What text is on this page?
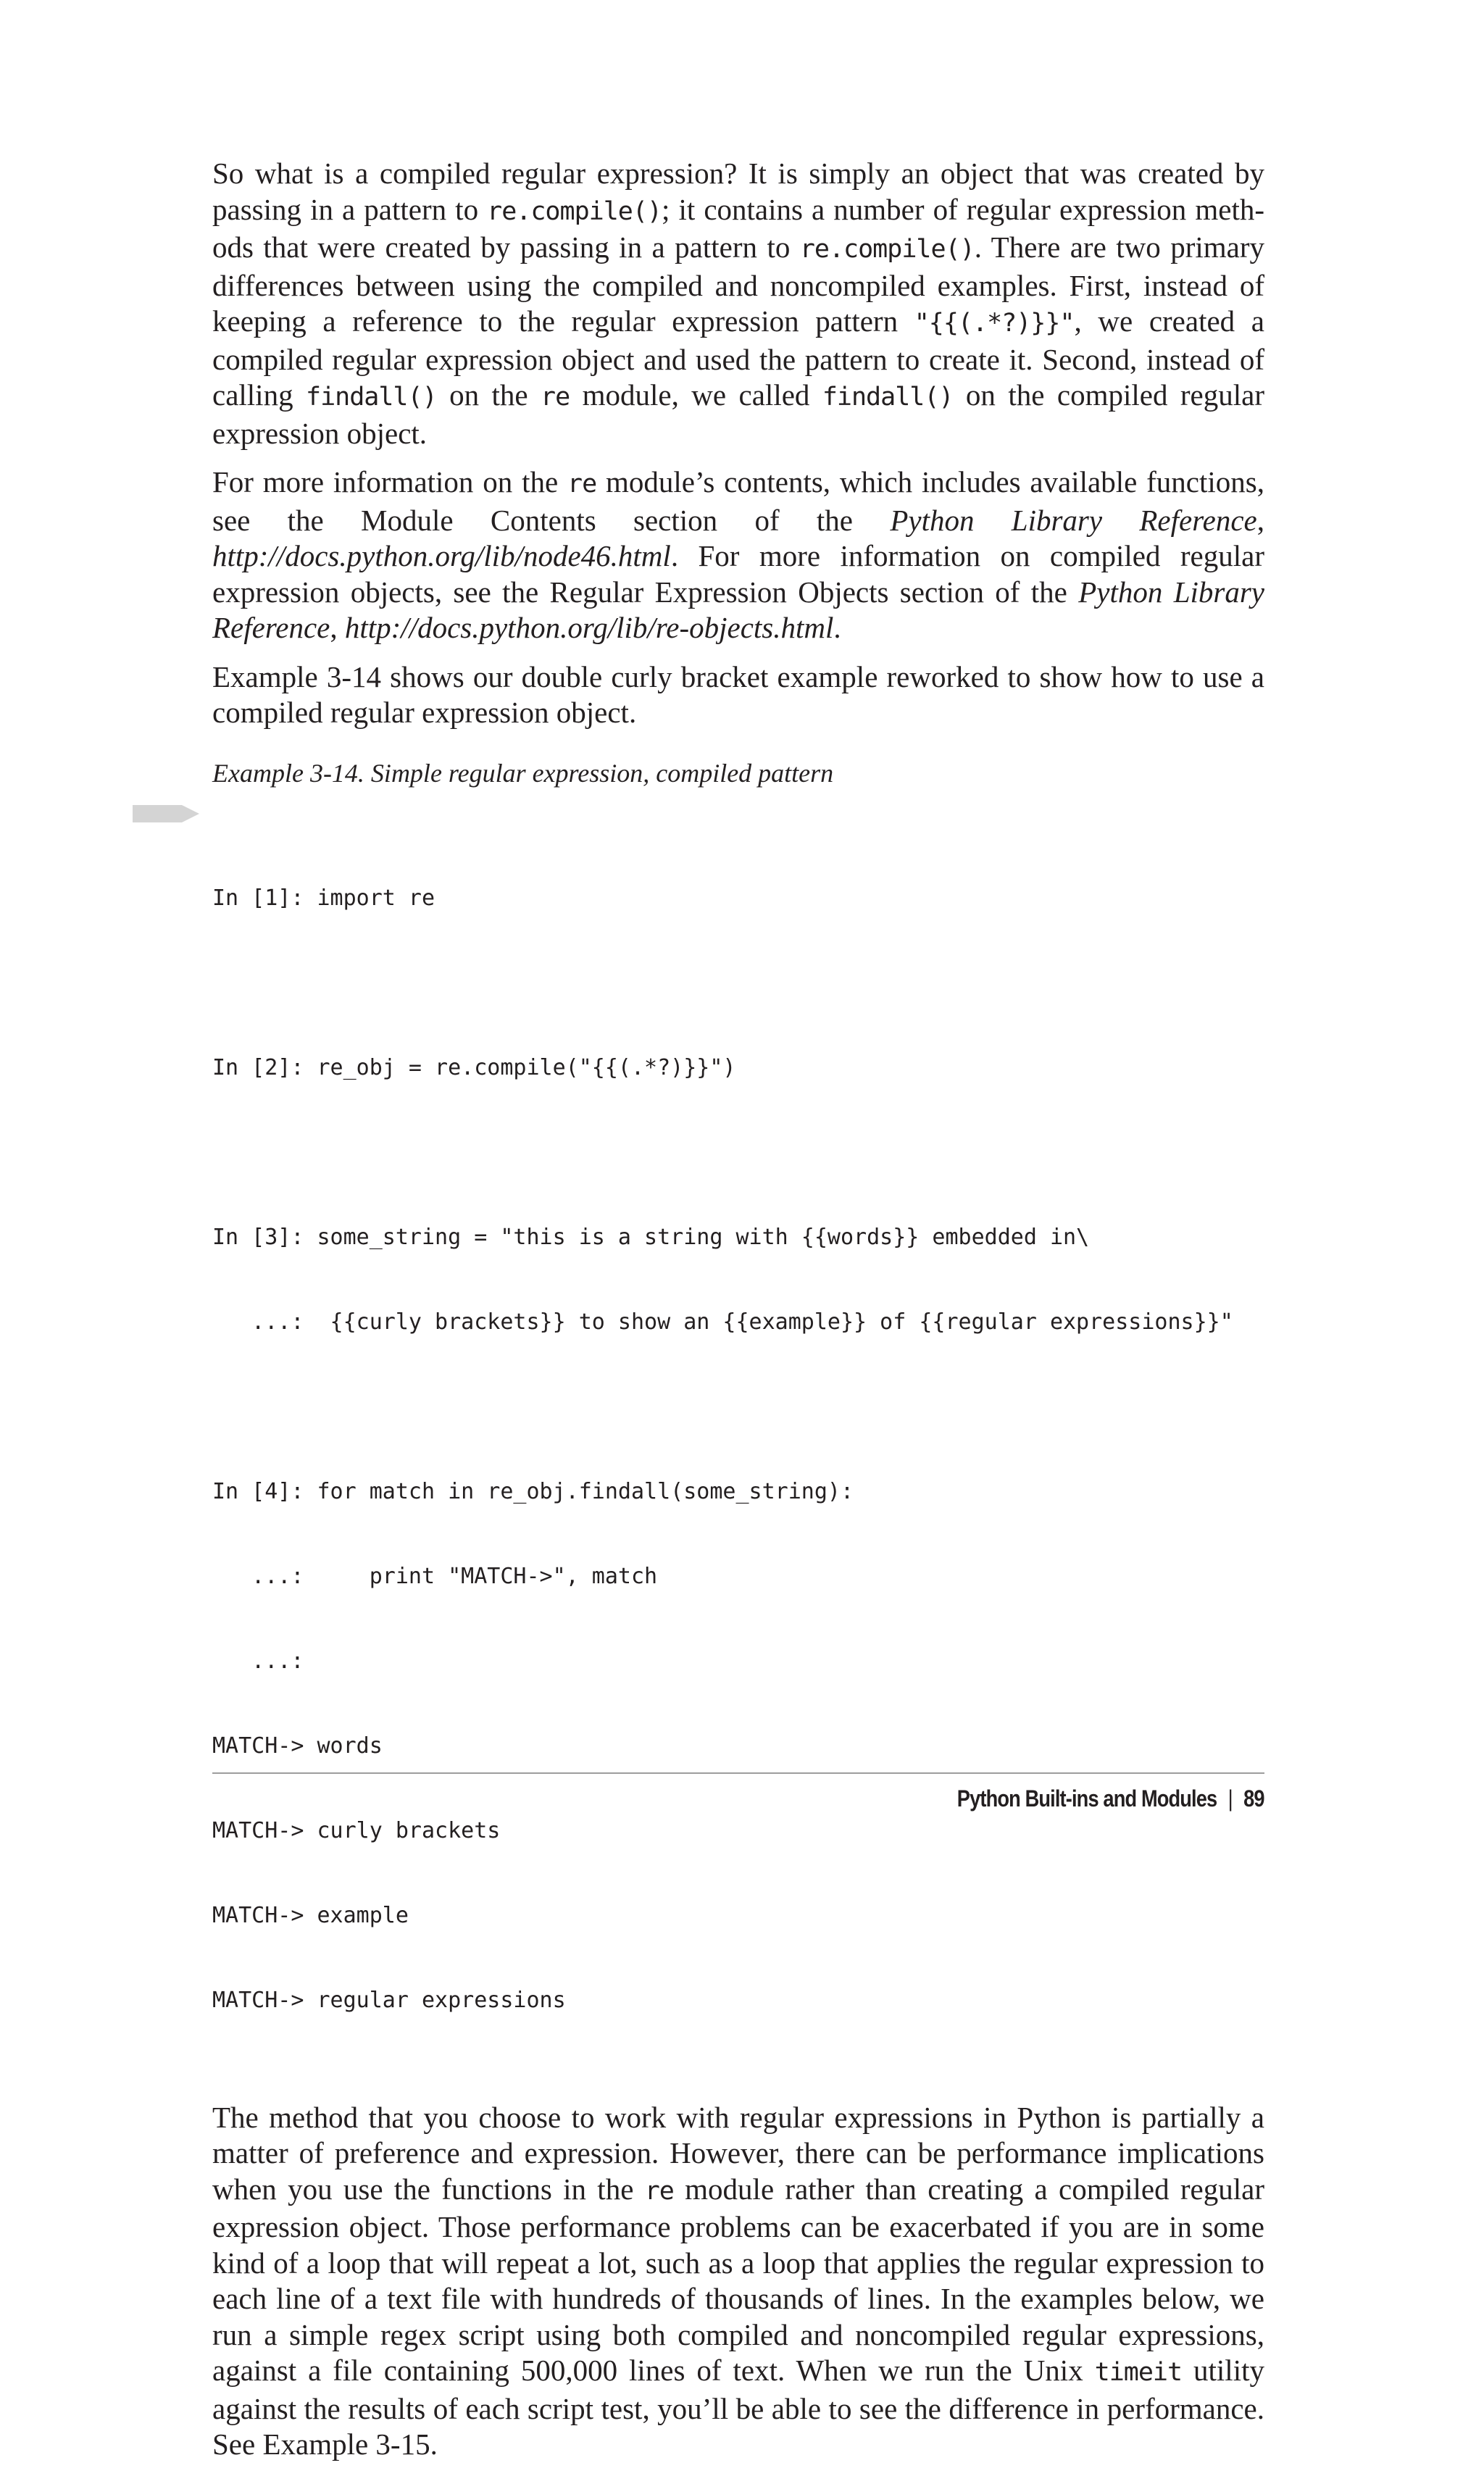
So what is a compiled regular expression? It is simply an object that was created by passing in a pattern to re.compile(); it contains a number of regular expression methods that were created by passing in a pattern to re.compile(). There are two primary differences between using the compiled and noncompiled examples. First, instead of keeping a reference to the regular expression pattern "{{(.*?)}}", we created a compiled regular expression object and used the pattern to create it. Second, instead of calling findall() on the re module, we called findall() on the compiled regular expression object.

For more information on the re module’s contents, which includes available functions, see the Module Contents section of the Python Library Reference, http://docs.python.org/lib/node46.html. For more information on compiled regular expression objects, see the Regular Expression Objects section of the Python Library Reference, http://docs.python.org/lib/re-objects.html.

Example 3-14 shows our double curly bracket example reworked to show how to use a compiled regular expression object.

Example 3-14. Simple regular expression, compiled pattern

In [1]: import re

In [2]: re_obj = re.compile("{{(.*?)}}")

In [3]: some_string = "this is a string with {{words}} embedded in\

...:  {{curly brackets}} to show an {{example}} of {{regular expressions}}"

In [4]: for match in re_obj.findall(some_string):

...:     print "MATCH->", match

...:

MATCH-> words

MATCH-> curly brackets

MATCH-> example

MATCH-> regular expressions

The method that you choose to work with regular expressions in Python is partially a matter of preference and expression. However, there can be performance implications when you use the functions in the re module rather than creating a compiled regular expression object. Those performance problems can be exacerbated if you are in some kind of a loop that will repeat a lot, such as a loop that applies the regular expression to each line of a text file with hundreds of thousands of lines. In the examples below, we run a simple regex script using both compiled and noncompiled regular expressions, against a file containing 500,000 lines of text. When we run the Unix timeit utility against the results of each script test, you’ll be able to see the difference in performance. See Example 3-15.

Python Built-ins and Modules | 89
